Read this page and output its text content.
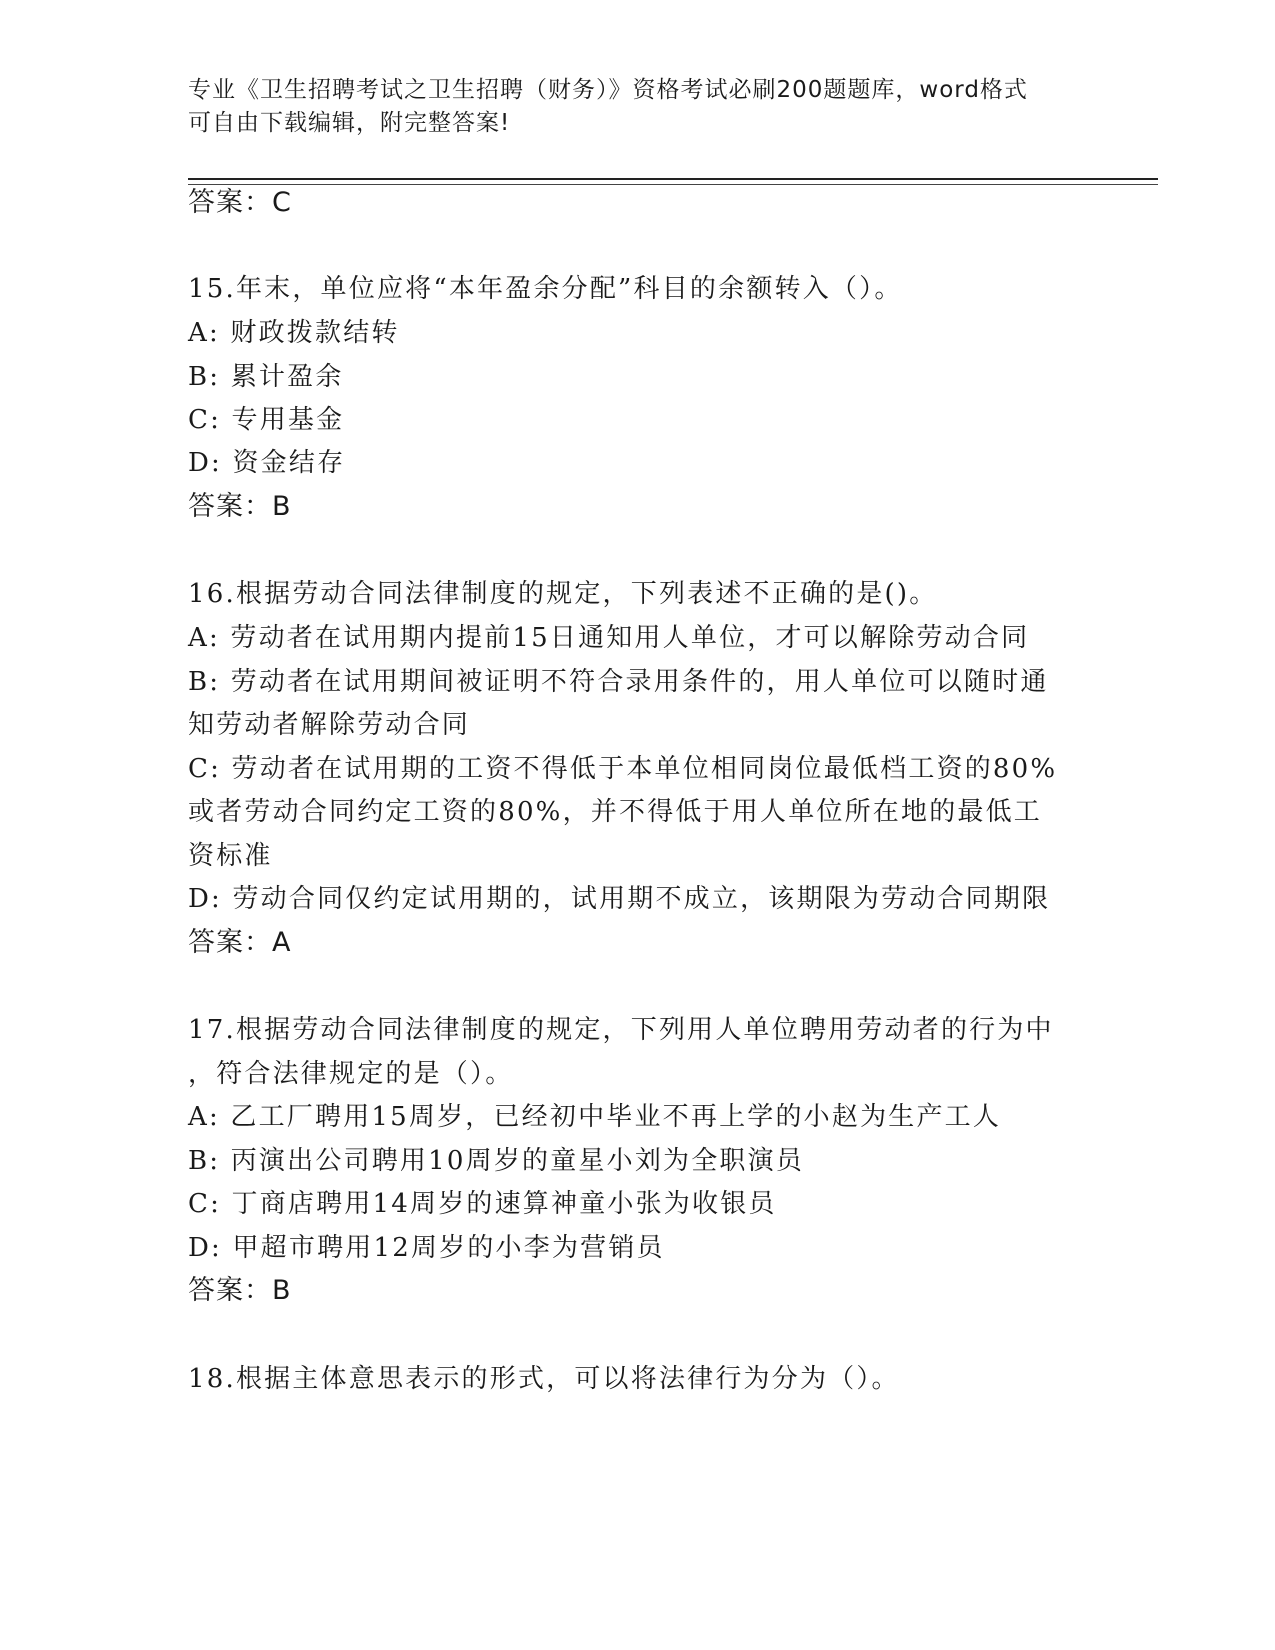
专业《卫生招聘考试之卫生招聘（财务）》资格考试必刷200题题库，word格式
可自由下载编辑，附完整答案!
答案：C
15.年末，单位应将“本年盈余分配”科目的余额转入（）。
A: 财政拨款结转
B: 累计盈余
C: 专用基金
D: 资金结存
答案：B
16.根据劳动合同法律制度的规定，下列表述不正确的是()。
A: 劳动者在试用期内提前15日通知用人单位，才可以解除劳动合同
B: 劳动者在试用期间被证明不符合录用条件的，用人单位可以随时通
知劳动者解除劳动合同
C: 劳动者在试用期的工资不得低于本单位相同岗位最低档工资的80%
或者劳动合同约定工资的80%，并不得低于用人单位所在地的最低工
资标准
D: 劳动合同仅约定试用期的，试用期不成立，该期限为劳动合同期限
答案：A
17.根据劳动合同法律制度的规定，下列用人单位聘用劳动者的行为中
，符合法律规定的是（）。
A: 乙工厂聘用15周岁，已经初中毕业不再上学的小赵为生产工人
B: 丙演出公司聘用10周岁的童星小刘为全职演员
C: 丁商店聘用14周岁的速算神童小张为收银员
D: 甲超市聘用12周岁的小李为营销员
答案：B
18.根据主体意思表示的形式，可以将法律行为分为（）。
